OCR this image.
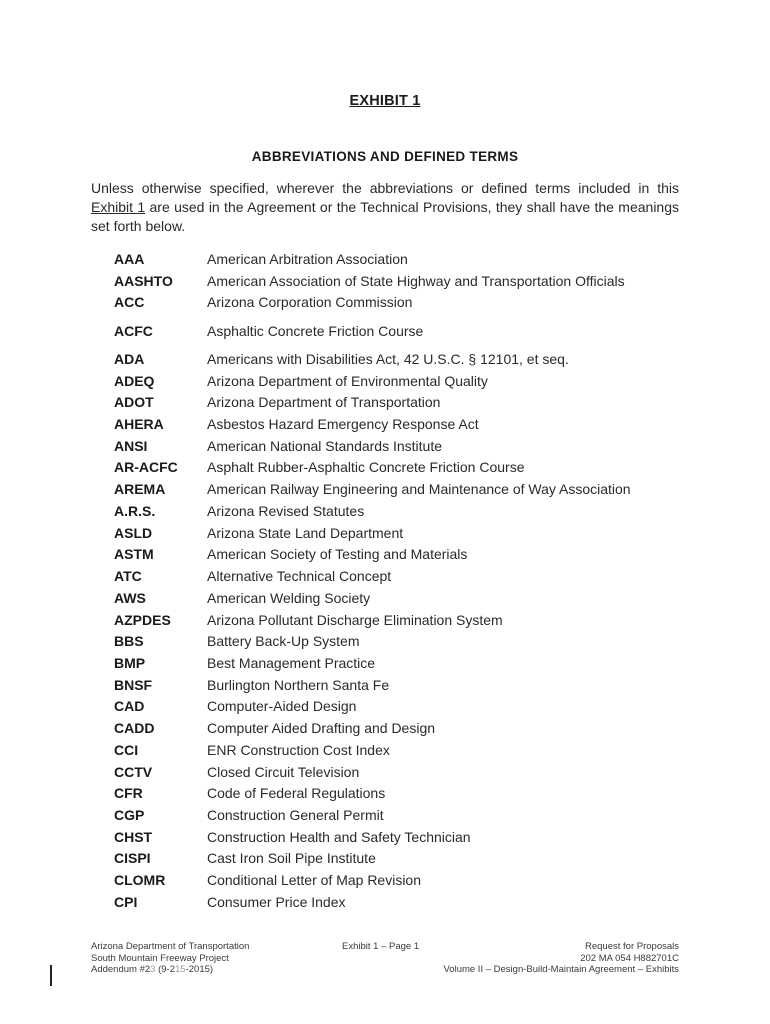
EXHIBIT 1
ABBREVIATIONS AND DEFINED TERMS
Unless otherwise specified, wherever the abbreviations or defined terms included in this Exhibit 1 are used in the Agreement or the Technical Provisions, they shall have the meanings set forth below.
AAA	American Arbitration Association
AASHTO	American Association of State Highway and Transportation Officials
ACC	Arizona Corporation Commission
ACFC	Asphaltic Concrete Friction Course
ADA	Americans with Disabilities Act, 42 U.S.C. § 12101, et seq.
ADEQ	Arizona Department of Environmental Quality
ADOT	Arizona Department of Transportation
AHERA	Asbestos Hazard Emergency Response Act
ANSI	American National Standards Institute
AR-ACFC	Asphalt Rubber-Asphaltic Concrete Friction Course
AREMA	American Railway Engineering and Maintenance of Way Association
A.R.S.	Arizona Revised Statutes
ASLD	Arizona State Land Department
ASTM	American Society of Testing and Materials
ATC	Alternative Technical Concept
AWS	American Welding Society
AZPDES	Arizona Pollutant Discharge Elimination System
BBS	Battery Back-Up System
BMP	Best Management Practice
BNSF	Burlington Northern Santa Fe
CAD	Computer-Aided Design
CADD	Computer Aided Drafting and Design
CCI	ENR Construction Cost Index
CCTV	Closed Circuit Television
CFR	Code of Federal Regulations
CGP	Construction General Permit
CHST	Construction Health and Safety Technician
CISPI	Cast Iron Soil Pipe Institute
CLOMR	Conditional Letter of Map Revision
CPI	Consumer Price Index
Arizona Department of Transportation
South Mountain Freeway Project
Addendum #23 (9-215-2015)
Exhibit 1 – Page 1	Request for Proposals
202 MA 054 H882701C
Volume II – Design-Build-Maintain Agreement – Exhibits
